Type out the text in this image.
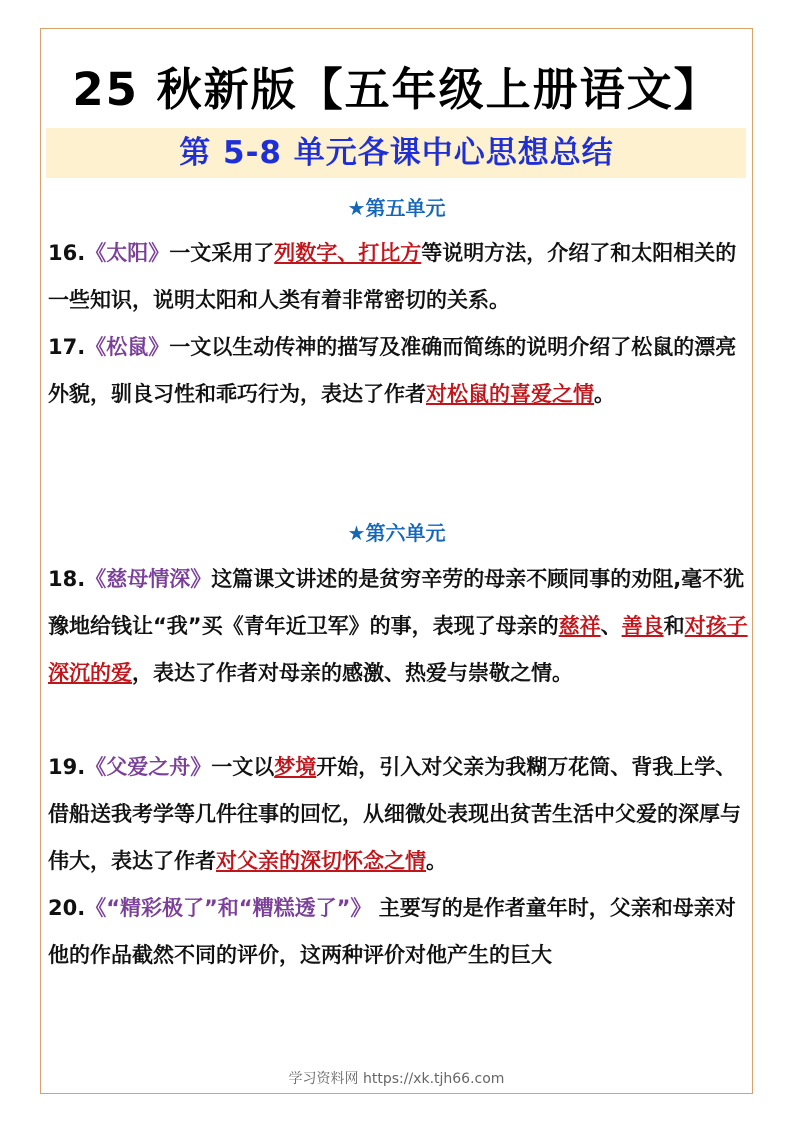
25 秋新版【五年级上册语文】
第 5-8 单元各课中心思想总结
★第五单元
16.《太阳》一文采用了列数字、打比方等说明方法，介绍了和太阳相关的一些知识，说明太阳和人类有着非常密切的关系。
17.《松鼠》一文以生动传神的描写及准确而简练的说明介绍了松鼠的漂亮外貌，驯良习性和乖巧行为，表达了作者对松鼠的喜爱之情。
★第六单元
18.《慈母情深》这篇课文讲述的是贫穷辛劳的母亲不顾同事的劝阻,毫不犹豫地给钱让“我”买《青年近卫军》的事，表现了母亲的慈祥、善良和对孩子深沉的爱，表达了作者对母亲的感激、热爱与崇敬之情。
19.《父爱之舟》一文以梦境开始，引入对父亲为我糊万花筒、背我上学、借船送我考学等几件往事的回忆，从细微处表现出贫苦生活中父爱的深厚与伟大，表达了作者对父亲的深切怀念之情。
20.《“精彩极了”和“糟糕透了”》 主要写的是作者童年时，父亲和母亲对他的作品截然不同的评价，这两种评价对他产生的巨大
学习资料网 https://xk.tjh66.com
